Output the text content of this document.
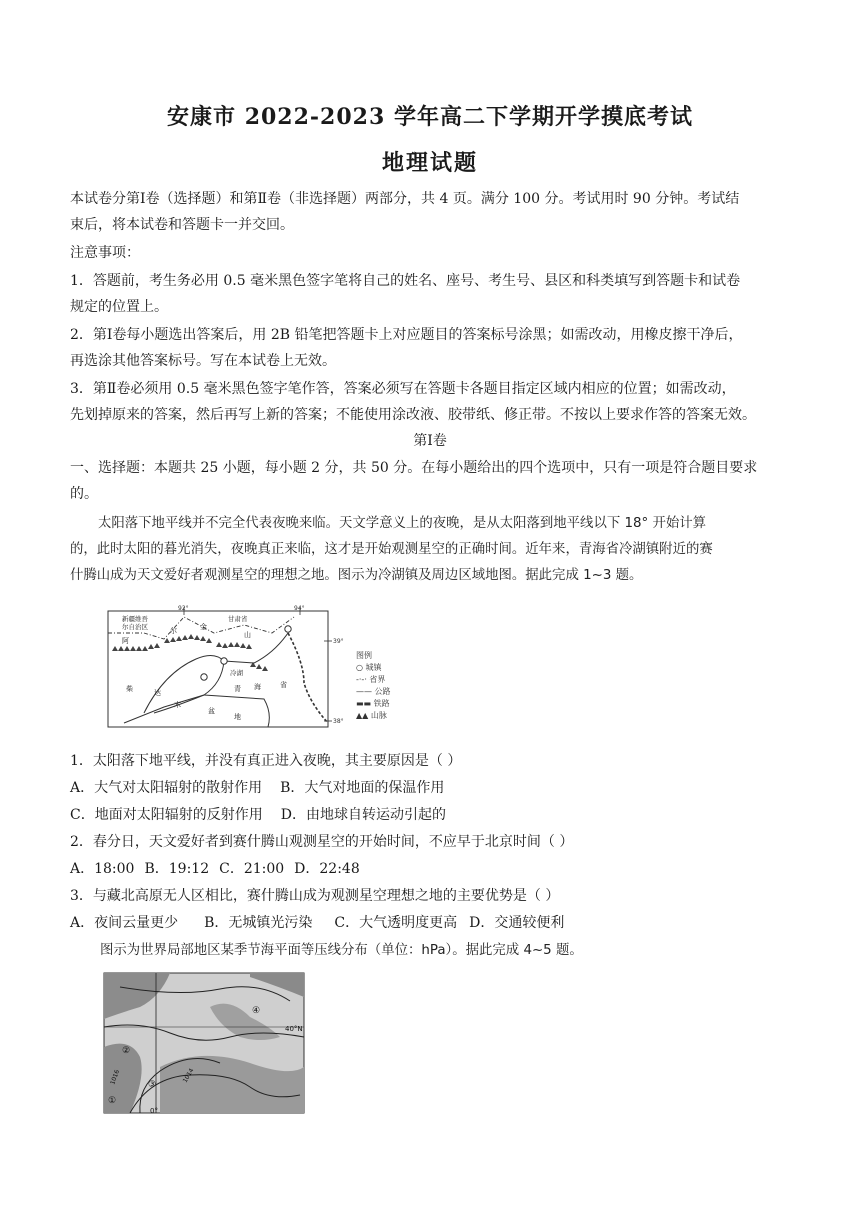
安康市 2022-2023 学年高二下学期开学摸底考试
地理试题
本试卷分第Ⅰ卷（选择题）和第Ⅱ卷（非选择题）两部分，共 4 页。满分 100 分。考试用时 90 分钟。考试结
束后，将本试卷和答题卡一并交回。
注意事项：
1．答题前，考生务必用 0.5 毫米黑色签字笔将自己的姓名、座号、考生号、县区和科类填写到答题卡和试卷
规定的位置上。
2．第Ⅰ卷每小题选出答案后，用 2B 铅笔把答题卡上对应题目的答案标号涂黑；如需改动，用橡皮擦干净后，
再选涂其他答案标号。写在本试卷上无效。
3．第Ⅱ卷必须用 0.5 毫米黑色签字笔作答，答案必须写在答题卡各题目指定区域内相应的位置；如需改动，
先划掉原来的答案，然后再写上新的答案；不能使用涂改液、胶带纸、修正带。不按以上要求作答的答案无效。
第Ⅰ卷
一、选择题：本题共 25 小题，每小题 2 分，共 50 分。在每小题给出的四个选项中，只有一项是符合题目要求
的。
太阳落下地平线并不完全代表夜晚来临。天文学意义上的夜晚，是从太阳落到地平线以下 18° 开始计算
的，此时太阳的暮光消失，夜晚真正来临，这才是开始观测星空的正确时间。近年来，青海省冷湖镇附近的赛
什腾山成为天文爱好者观测星空的理想之地。图示为冷湖镇及周边区域地图。据此完成 1~3 题。
92°	94°
39°
38°
新疆维吾
尔自治区
甘肃省
冷湖
山
阿
尔	金
柴	达
木
盆
地
青 海	省
图例
○ 城镇
-·-· 省界
—— 公路
▬▬ 铁路
▲▲ 山脉
1．太阳落下地平线，并没有真正进入夜晚，其主要原因是（ ）
A．大气对太阳辐射的散射作用 B．大气对地面的保温作用
C．地面对太阳辐射的反射作用 D．由地球自转运动引起的
2．春分日，天文爱好者到赛什腾山观测星空的开始时间，不应早于北京时间（ ）
A．18:00 B．19:12 C．21:00 D．22:48
3．与藏北高原无人区相比，赛什腾山成为观测星空理想之地的主要优势是（ ）
A．夜间云量更少 B．无城镇光污染 C．大气透明度更高 D．交通较便利
图示为世界局部地区某季节海平面等压线分布（单位：hPa）。据此完成 4~5 题。
40°N
0°
1016	1014
④
②
③
①
